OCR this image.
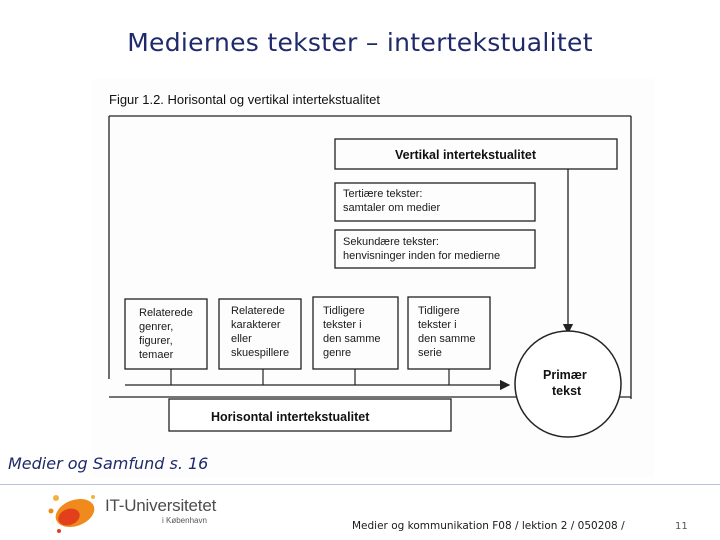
Mediernes tekster – intertekstualitet
Figur 1.2. Horisontal og vertikal intertekstualitet
Vertikal intertekstualitet
Tertiære tekster:
samtaler om medier
Sekundære tekster:
henvisninger inden for medierne
Relaterede
genrer,
figurer,
temaer
Relaterede
karakterer
eller
skuespillere
Tidligere
tekster i
den samme
genre
Tidligere
tekster i
den samme
serie
Primær
tekst
Horisontal intertekstualitet
Medier og Samfund s. 16
IT-Universitetet
i København	Medier og kommunikation F08 / lektion 2 / 050208 /	11
